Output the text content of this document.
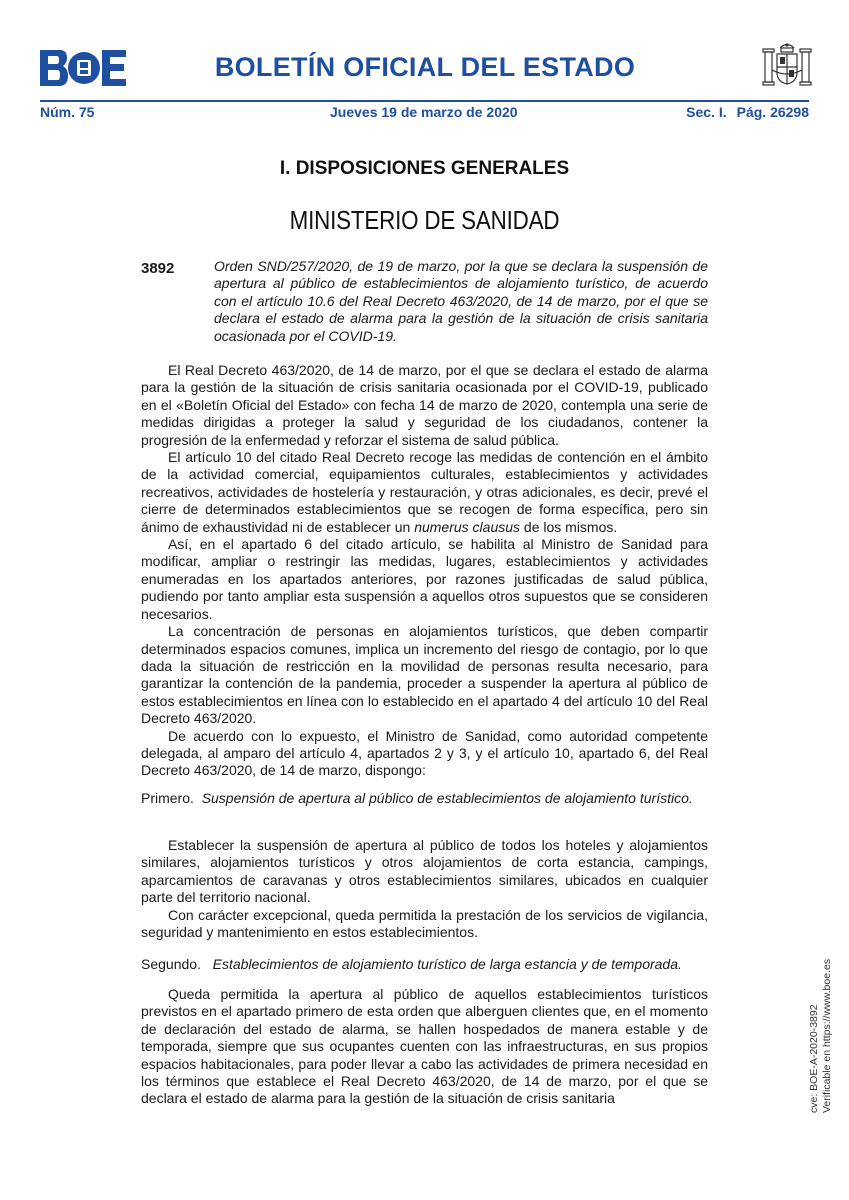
BOLETÍN OFICIAL DEL ESTADO
Núm. 75	Jueves 19 de marzo de 2020	Sec. I. Pág. 26298
I. DISPOSICIONES GENERALES
MINISTERIO DE SANIDAD
3892	Orden SND/257/2020, de 19 de marzo, por la que se declara la suspensión de apertura al público de establecimientos de alojamiento turístico, de acuerdo con el artículo 10.6 del Real Decreto 463/2020, de 14 de marzo, por el que se declara el estado de alarma para la gestión de la situación de crisis sanitaria ocasionada por el COVID-19.

El Real Decreto 463/2020, de 14 de marzo, por el que se declara el estado de alarma para la gestión de la situación de crisis sanitaria ocasionada por el COVID-19, publicado en el «Boletín Oficial del Estado» con fecha 14 de marzo de 2020, contempla una serie de medidas dirigidas a proteger la salud y seguridad de los ciudadanos, contener la progresión de la enfermedad y reforzar el sistema de salud pública.

El artículo 10 del citado Real Decreto recoge las medidas de contención en el ámbito de la actividad comercial, equipamientos culturales, establecimientos y actividades recreativos, actividades de hostelería y restauración, y otras adicionales, es decir, prevé el cierre de determinados establecimientos que se recogen de forma específica, pero sin ánimo de exhaustividad ni de establecer un numerus clausus de los mismos.

Así, en el apartado 6 del citado artículo, se habilita al Ministro de Sanidad para modificar, ampliar o restringir las medidas, lugares, establecimientos y actividades enumeradas en los apartados anteriores, por razones justificadas de salud pública, pudiendo por tanto ampliar esta suspensión a aquellos otros supuestos que se consideren necesarios.

La concentración de personas en alojamientos turísticos, que deben compartir determinados espacios comunes, implica un incremento del riesgo de contagio, por lo que dada la situación de restricción en la movilidad de personas resulta necesario, para garantizar la contención de la pandemia, proceder a suspender la apertura al público de estos establecimientos en línea con lo establecido en el apartado 4 del artículo 10 del Real Decreto 463/2020.

De acuerdo con lo expuesto, el Ministro de Sanidad, como autoridad competente delegada, al amparo del artículo 4, apartados 2 y 3, y el artículo 10, apartado 6, del Real Decreto 463/2020, de 14 de marzo, dispongo:

Primero. Suspensión de apertura al público de establecimientos de alojamiento turístico.

Establecer la suspensión de apertura al público de todos los hoteles y alojamientos similares, alojamientos turísticos y otros alojamientos de corta estancia, campings, aparcamientos de caravanas y otros establecimientos similares, ubicados en cualquier parte del territorio nacional.

Con carácter excepcional, queda permitida la prestación de los servicios de vigilancia, seguridad y mantenimiento en estos establecimientos.

Segundo. Establecimientos de alojamiento turístico de larga estancia y de temporada.

Queda permitida la apertura al público de aquellos establecimientos turísticos previstos en el apartado primero de esta orden que alberguen clientes que, en el momento de declaración del estado de alarma, se hallen hospedados de manera estable y de temporada, siempre que sus ocupantes cuenten con las infraestructuras, en sus propios espacios habitacionales, para poder llevar a cabo las actividades de primera necesidad en los términos que establece el Real Decreto 463/2020, de 14 de marzo, por el que se declara el estado de alarma para la gestión de la situación de crisis sanitaria	cve: BOE-A-2020-3892 Verificable en https://www.boe.es
